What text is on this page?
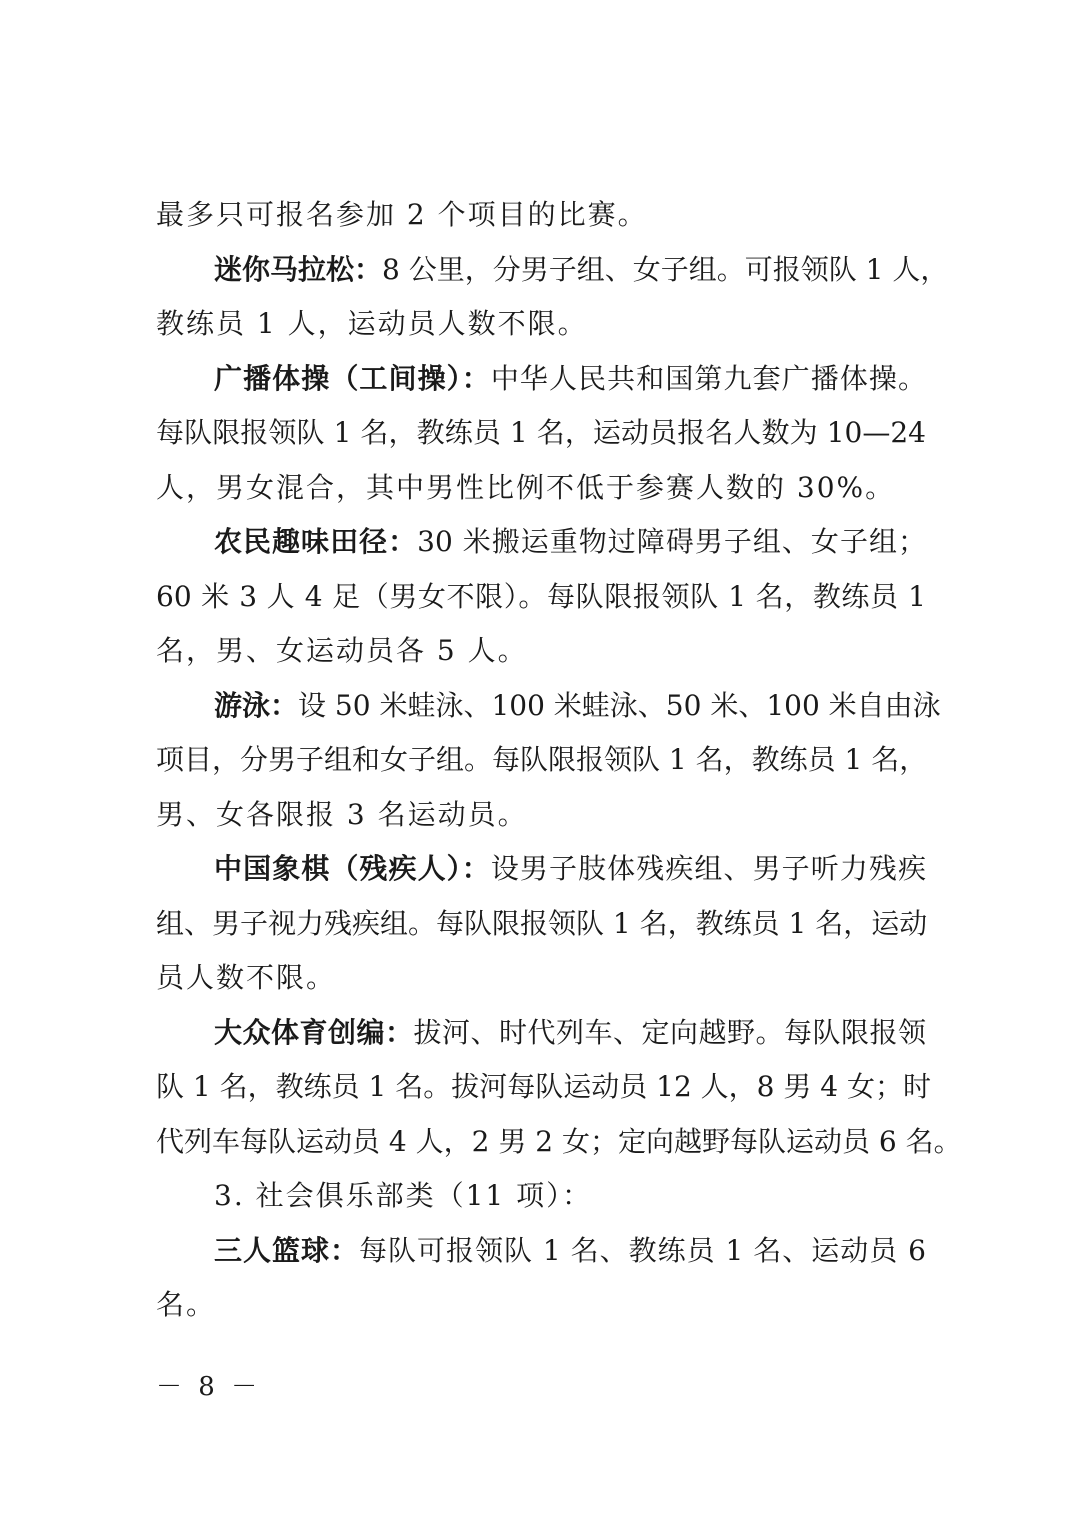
最多只可报名参加 2 个项目的比赛。
迷你马拉松：8 公里，分男子组、女子组。可报领队 1 人，
教练员 1 人，运动员人数不限。
广播体操（工间操）：中华人民共和国第九套广播体操。
每队限报领队 1 名，教练员 1 名，运动员报名人数为 10—24
人，男女混合，其中男性比例不低于参赛人数的 30%。
农民趣味田径：30 米搬运重物过障碍男子组、女子组；
60 米 3 人 4 足（男女不限）。每队限报领队 1 名，教练员 1
名，男、女运动员各 5 人。
游泳：设 50 米蛙泳、100 米蛙泳、50 米、100 米自由泳
项目，分男子组和女子组。每队限报领队 1 名，教练员 1 名，
男、女各限报 3 名运动员。
中国象棋（残疾人）：设男子肢体残疾组、男子听力残疾
组、男子视力残疾组。每队限报领队 1 名，教练员 1 名，运动
员人数不限。
大众体育创编：拔河、时代列车、定向越野。每队限报领
队 1 名，教练员 1 名。拔河每队运动员 12 人，8 男 4 女；时
代列车每队运动员 4 人，2 男 2 女；定向越野每队运动员 6 名。
3. 社会俱乐部类（11 项）：
三人篮球：每队可报领队 1 名、教练员 1 名、运动员 6
名。
－ 8 －
